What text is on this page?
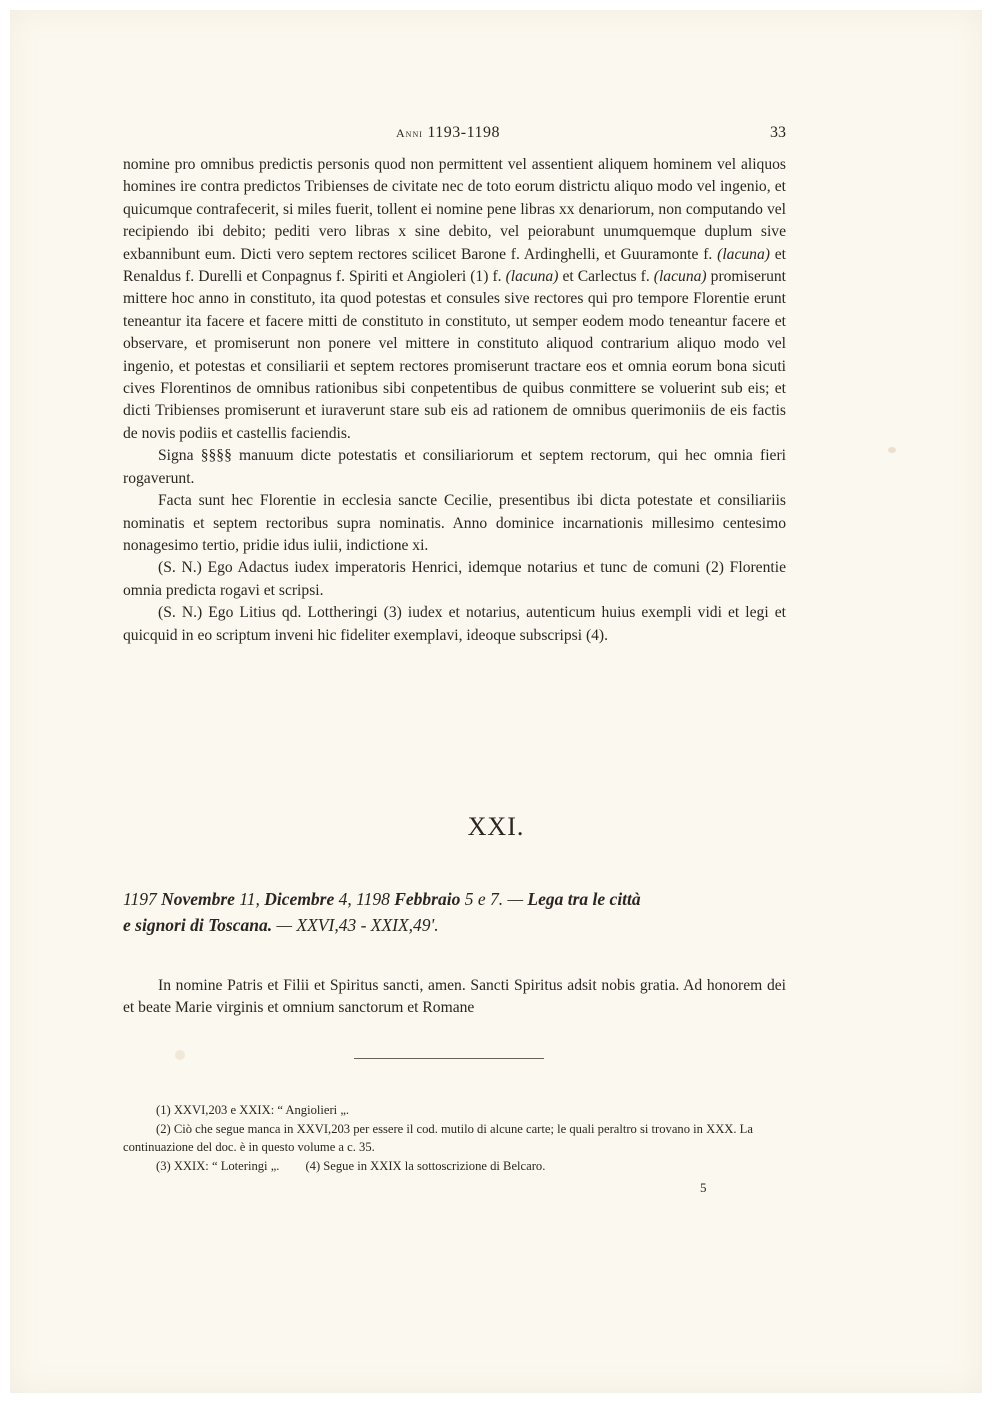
Anni 1193-1198	33

nomine pro omnibus predictis personis quod non permittent vel assentient aliquem hominem vel aliquos homines ire contra predictos Tribienses de civitate nec de toto eorum districtu aliquo modo vel ingenio, et quicumque contrafecerit, si miles fuerit, tollent ei nomine pene libras xx denariorum, non computando vel recipiendo ibi debito; pediti vero libras x sine debito, vel peiorabunt unumquemque duplum sive exbannibunt eum. Dicti vero septem rectores scilicet Barone f. Ardinghelli, et Guuramonte f. (lacuna) et Renaldus f. Durelli et Conpagnus f. Spiriti et Angioleri (1) f. (lacuna) et Carlectus f. (lacuna) promiserunt mittere hoc anno in constituto, ita quod potestas et consules sive rectores qui pro tempore Florentie erunt teneantur ita facere et facere mitti de constituto in constituto, ut semper eodem modo teneantur facere et observare, et promiserunt non ponere vel mittere in constituto aliquod contrarium aliquo modo vel ingenio, et potestas et consiliarii et septem rectores promiserunt tractare eos et omnia eorum bona sicuti cives Florentinos de omnibus rationibus sibi conpetentibus de quibus conmittere se voluerint sub eis; et dicti Tribienses promiserunt et iuraverunt stare sub eis ad rationem de omnibus querimoniis de eis factis de novis podiis et castellis faciendis.

Signa §§§§ manuum dicte potestatis et consiliariorum et septem rectorum, qui hec omnia fieri rogaverunt.

Facta sunt hec Florentie in ecclesia sancte Cecilie, presentibus ibi dicta potestate et consiliariis nominatis et septem rectoribus supra nominatis. Anno dominice incarnationis millesimo centesimo nonagesimo tertio, pridie idus iulii, indictione xi.

(S. N.) Ego Adactus iudex imperatoris Henrici, idemque notarius et tunc de comuni (2) Florentie omnia predicta rogavi et scripsi.

(S. N.) Ego Litius qd. Lottheringi (3) iudex et notarius, autenticum huius exempli vidi et legi et quicquid in eo scriptum inveni hic fideliter exemplavi, ideoque subscripsi (4).

XXI.
1197 Novembre 11, Dicembre 4, 1198 Febbraio 5 e 7. — Lega tra le città
e signori di Toscana. — XXVI,43 - XXIX,49'.

In nomine Patris et Filii et Spiritus sancti, amen. Sancti Spiritus adsit nobis gratia. Ad honorem dei et beate Marie virginis et omnium sanctorum et Romane

(1) XXVI,203 e XXIX: “ Angiolieri „.

(2) Ciò che segue manca in XXVI,203 per essere il cod. mutilo di alcune carte; le quali peraltro si trovano in XXX. La continuazione del doc. è in questo volume a c. 35.

(3) XXIX: “ Loteringi „. (4) Segue in XXIX la sottoscrizione di Belcaro.

5
